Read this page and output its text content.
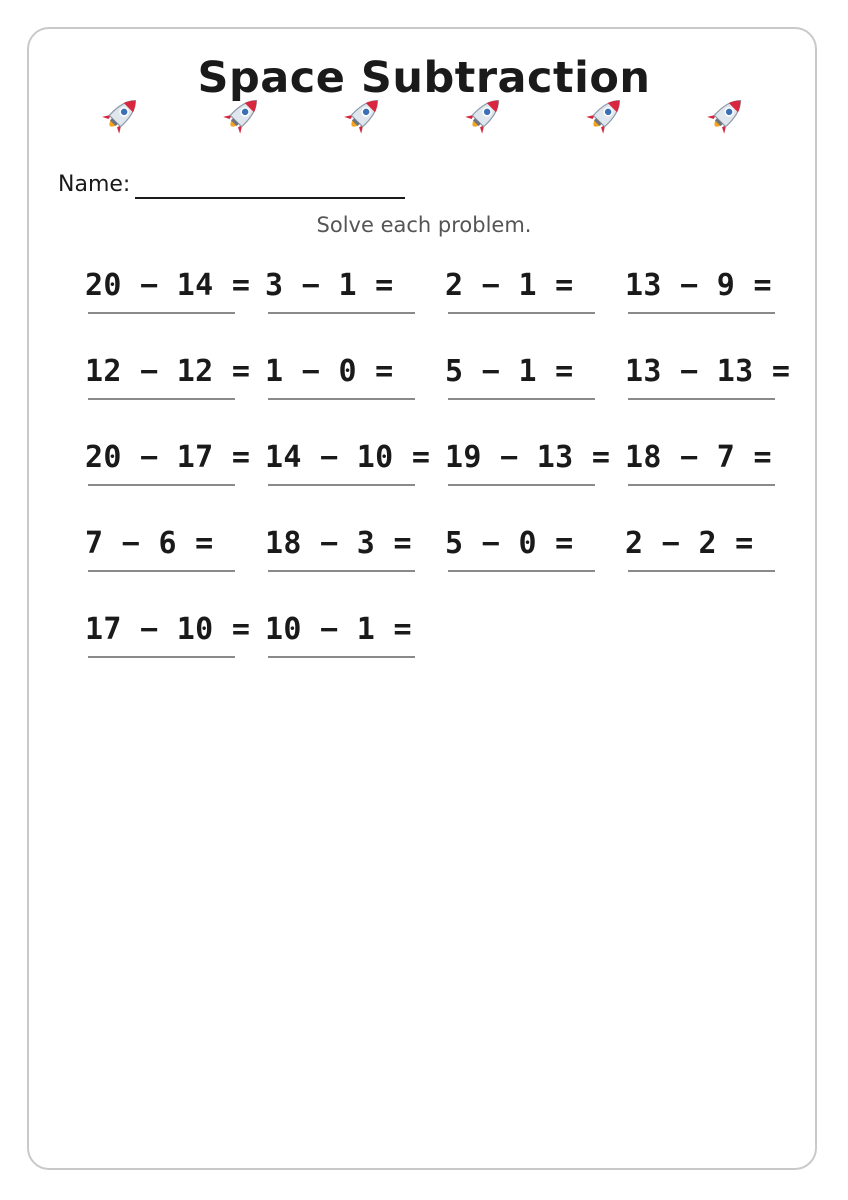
Space Subtraction
Name:
Solve each problem.
20 − 14 = 3 − 1 = 2 − 1 = 13 − 9 =
12 − 12 = 1 − 0 = 5 − 1 = 13 − 13 =
20 − 17 = 14 − 10 = 19 − 13 = 18 − 7 =
7 − 6 = 18 − 3 = 5 − 0 = 2 − 2 =
17 − 10 = 10 − 1 =
